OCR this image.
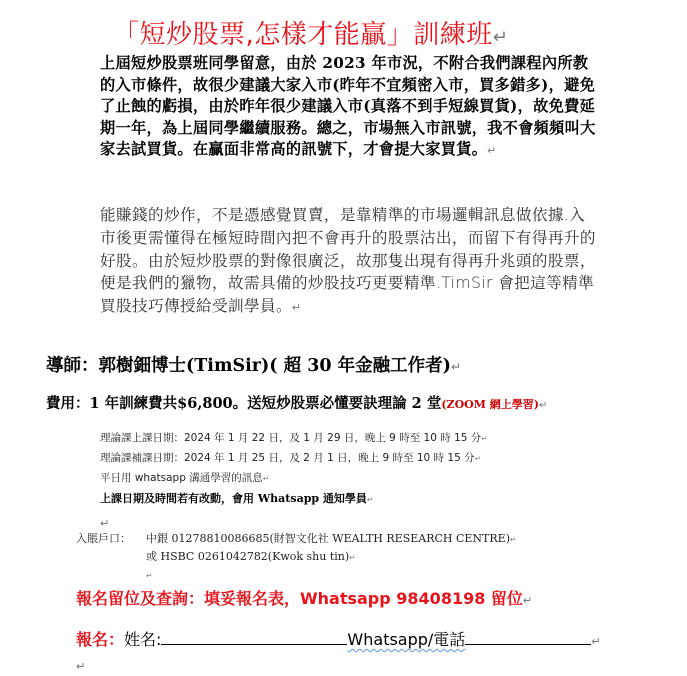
「短炒股票,怎樣才能贏」訓練班↵
上屆短炒股票班同學留意，由於 2023 年市況，不附合我們課程內所教的入市條件，故很少建議大家入市(昨年不宜頻密入市，買多錯多)，避免了止蝕的虧損，由於昨年很少建議入市(真落不到手短線買貨)，故免費延期一年，為上屆同學繼續服務。總之，市場無入市訊號，我不會頻頻叫大家去試買貨。在贏面非常高的訊號下，才會提大家買貨。↵
能賺錢的炒作，不是憑感覺買賣，是靠精準的市場邏輯訊息做依據.入市後更需懂得在極短時間內把不會再升的股票沽出，而留下有得再升的好股。由於短炒股票的對像很廣泛，故那隻出現有得再升兆頭的股票，便是我們的獵物，故需具備的炒股技巧更要精準.TimSir 會把這等精準買股技巧傳授給受訓學員。↵
導師：郭樹鈿博士(TimSir)( 超 30 年金融工作者)↵
費用：1 年訓練費共$6,800。送短炒股票必懂要訣理論 2 堂(ZOOM 網上學習)↵
理論課上課日期：2024 年 1 月 22 日，及 1 月 29 日，晚上 9 時至 10 時 15 分↵
理論課補課日期：2024 年 1 月 25 日，及 2 月 1 日，晚上 9 時至 10 時 15 分↵
平日用 whatsapp 溝通學習的訊息↵
上課日期及時間若有改動，會用 Whatsapp 通知學員↵
↵
入賬戶口： 中銀 01278810086685(財智文化社 WEALTH RESEARCH CENTRE)↵
或 HSBC 0261042782(Kwok shu tin)↵
↵
報名留位及查詢：填妥報名表，Whatsapp 98408198 留位↵
報名：姓名:	Whatsapp/電話	↵
↵
